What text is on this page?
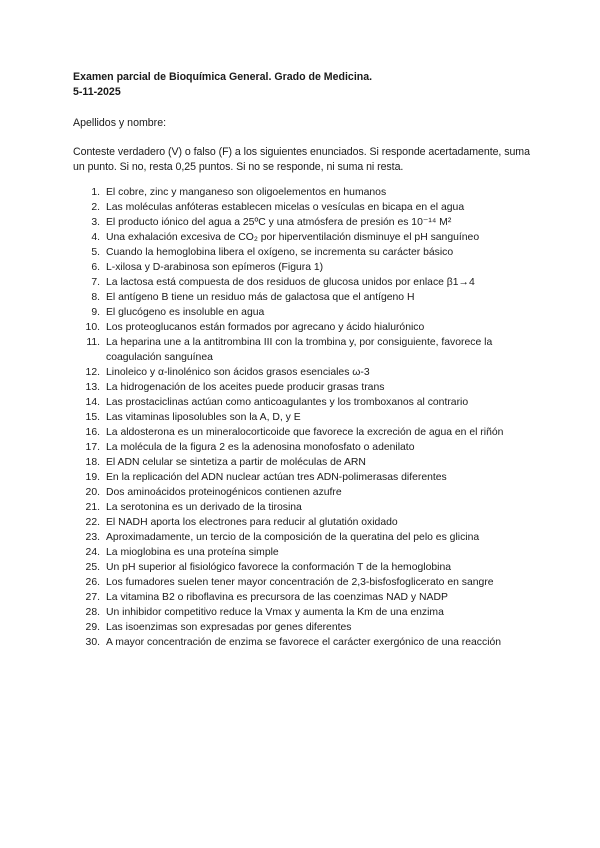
Examen parcial de Bioquímica General. Grado de Medicina.

5-11-2025

Apellidos y nombre:
Conteste verdadero (V) o falso (F) a los siguientes enunciados. Si responde acertadamente, suma un punto. Si no, resta 0,25 puntos. Si no se responde, ni suma ni resta.
1. El cobre, zinc y manganeso son oligoelementos en humanos
2. Las moléculas anfóteras establecen micelas o vesículas en bicapa en el agua
3. El producto iónico del agua a 25ºC y una atmósfera de presión es 10⁻¹⁴ M²
4. Una exhalación excesiva de CO₂ por hiperventilación disminuye el pH sanguíneo
5. Cuando la hemoglobina libera el oxígeno, se incrementa su carácter básico
6. L-xilosa y D-arabinosa son epímeros (Figura 1)
7. La lactosa está compuesta de dos residuos de glucosa unidos por enlace β1→4
8. El antígeno B tiene un residuo más de galactosa que el antígeno H
9. El glucógeno es insoluble en agua
10. Los proteoglucanos están formados por agrecano y ácido hialurónico
11. La heparina une a la antitrombina III con la trombina y, por consiguiente, favorece la coagulación sanguínea
12. Linoleico y α-linolénico son ácidos grasos esenciales ω-3
13. La hidrogenación de los aceites puede producir grasas trans
14. Las prostaciclinas actúan como anticoagulantes y los tromboxanos al contrario
15. Las vitaminas liposolubles son la A, D, y E
16. La aldosterona es un mineralocorticoide que favorece la excreción de agua en el riñón
17. La molécula de la figura 2 es la adenosina monofosfato o adenilato
18. El ADN celular se sintetiza a partir de moléculas de ARN
19. En la replicación del ADN nuclear actúan tres ADN-polimerasas diferentes
20. Dos aminoácidos proteinogénicos contienen azufre
21. La serotonina es un derivado de la tirosina
22. El NADH aporta los electrones para reducir al glutatión oxidado
23. Aproximadamente, un tercio de la composición de la queratina del pelo es glicina
24. La mioglobina es una proteína simple
25. Un pH superior al fisiológico favorece la conformación T de la hemoglobina
26. Los fumadores suelen tener mayor concentración de 2,3-bisfosfoglicerato en sangre
27. La vitamina B2 o riboflavina es precursora de las coenzimas NAD y NADP
28. Un inhibidor competitivo reduce la Vmax y aumenta la Km de una enzima
29. Las isoenzimas son expresadas por genes diferentes
30. A mayor concentración de enzima se favorece el carácter exergónico de una reacción
